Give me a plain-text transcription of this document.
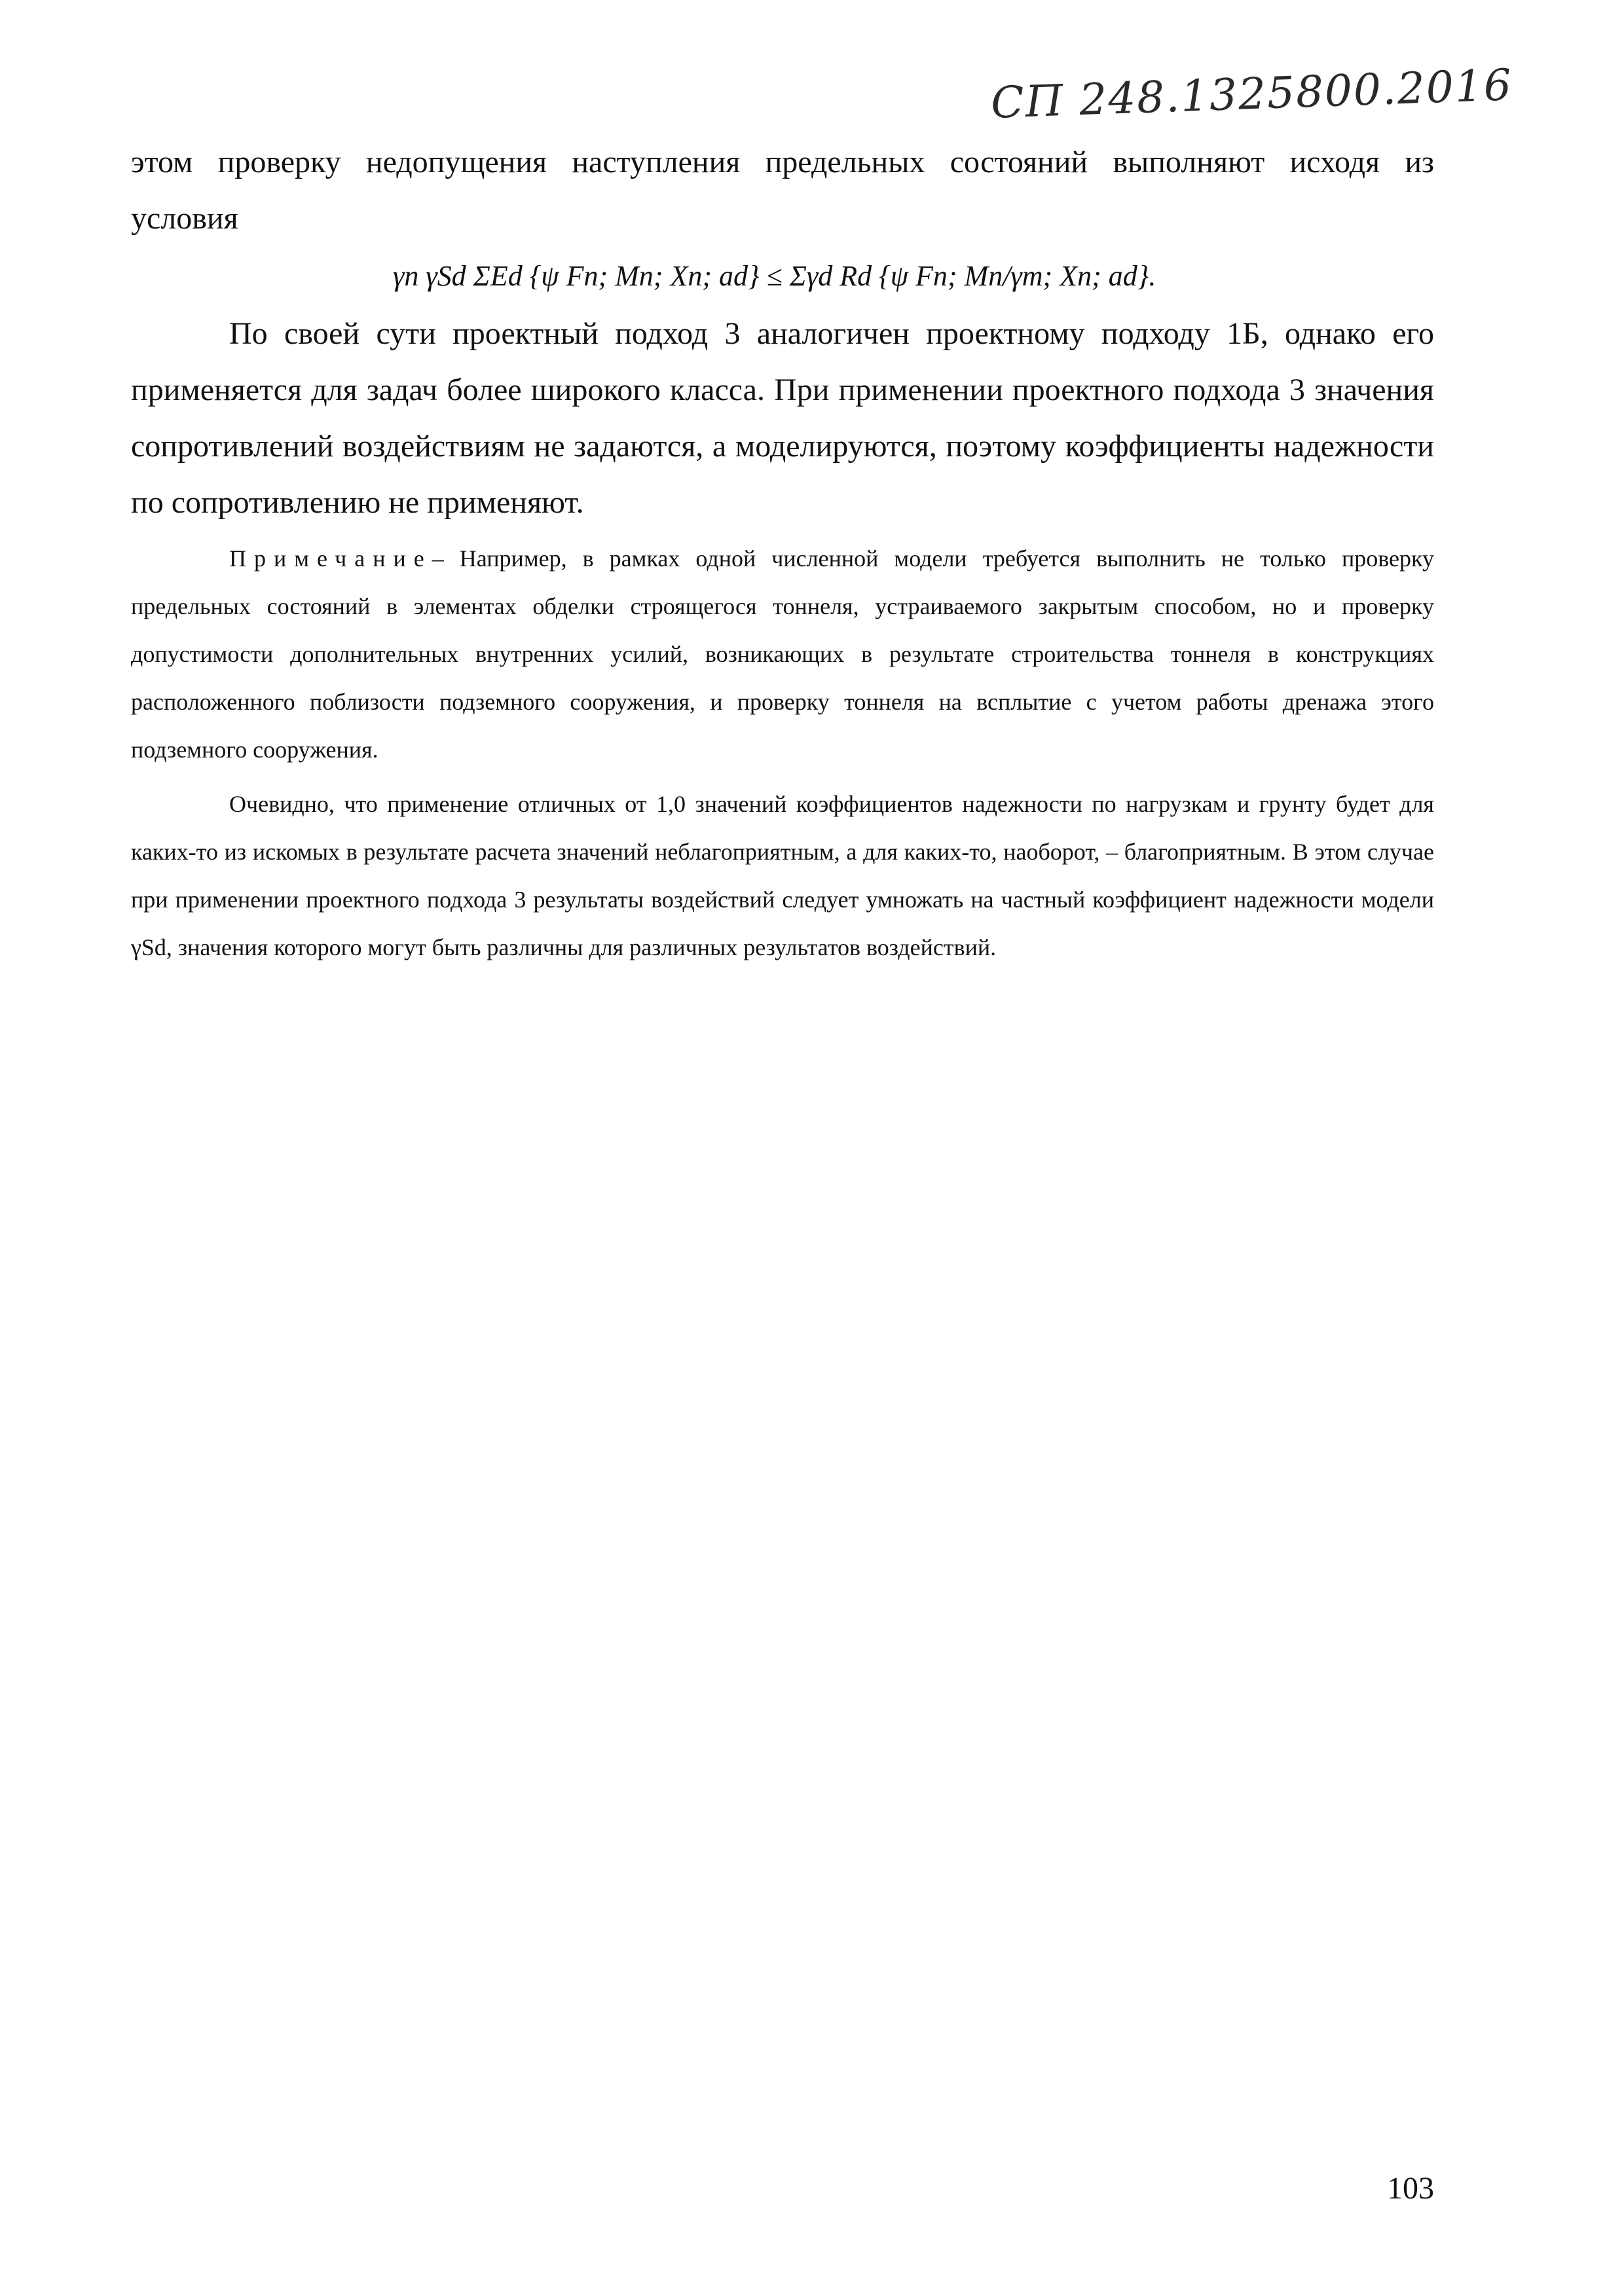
СП 248.1325800.2016

этом проверку недопущения наступления предельных состояний выполняют исходя из

условия

γn γSd ΣEd {ψ Fn; Mn; Xn; ad} ≤ Σγd Rd {ψ Fn; Mn/γm; Xn; ad}.

По своей сути проектный подход 3 аналогичен проектному подходу 1Б, однако его применяется для задач более широкого класса. При применении проектного подхода 3 значения сопротивлений воздействиям не задаются, а моделируются, поэтому коэффициенты надежности по сопротивлению не применяют.

Примечание– Например, в рамках одной численной модели требуется выполнить не только проверку предельных состояний в элементах обделки строящегося тоннеля, устраиваемого закрытым способом, но и проверку допустимости дополнительных внутренних усилий, возникающих в результате строительства тоннеля в конструкциях расположенного поблизости подземного сооружения, и проверку тоннеля на всплытие с учетом работы дренажа этого подземного сооружения.

Очевидно, что применение отличных от 1,0 значений коэффициентов надежности по нагрузкам и грунту будет для каких-то из искомых в результате расчета значений неблагоприятным, а для каких-то, наоборот, – благоприятным. В этом случае при применении проектного подхода 3 результаты воздействий следует умножать на частный коэффициент надежности модели γSd, значения которого могут быть различны для различных результатов воздействий.

103
